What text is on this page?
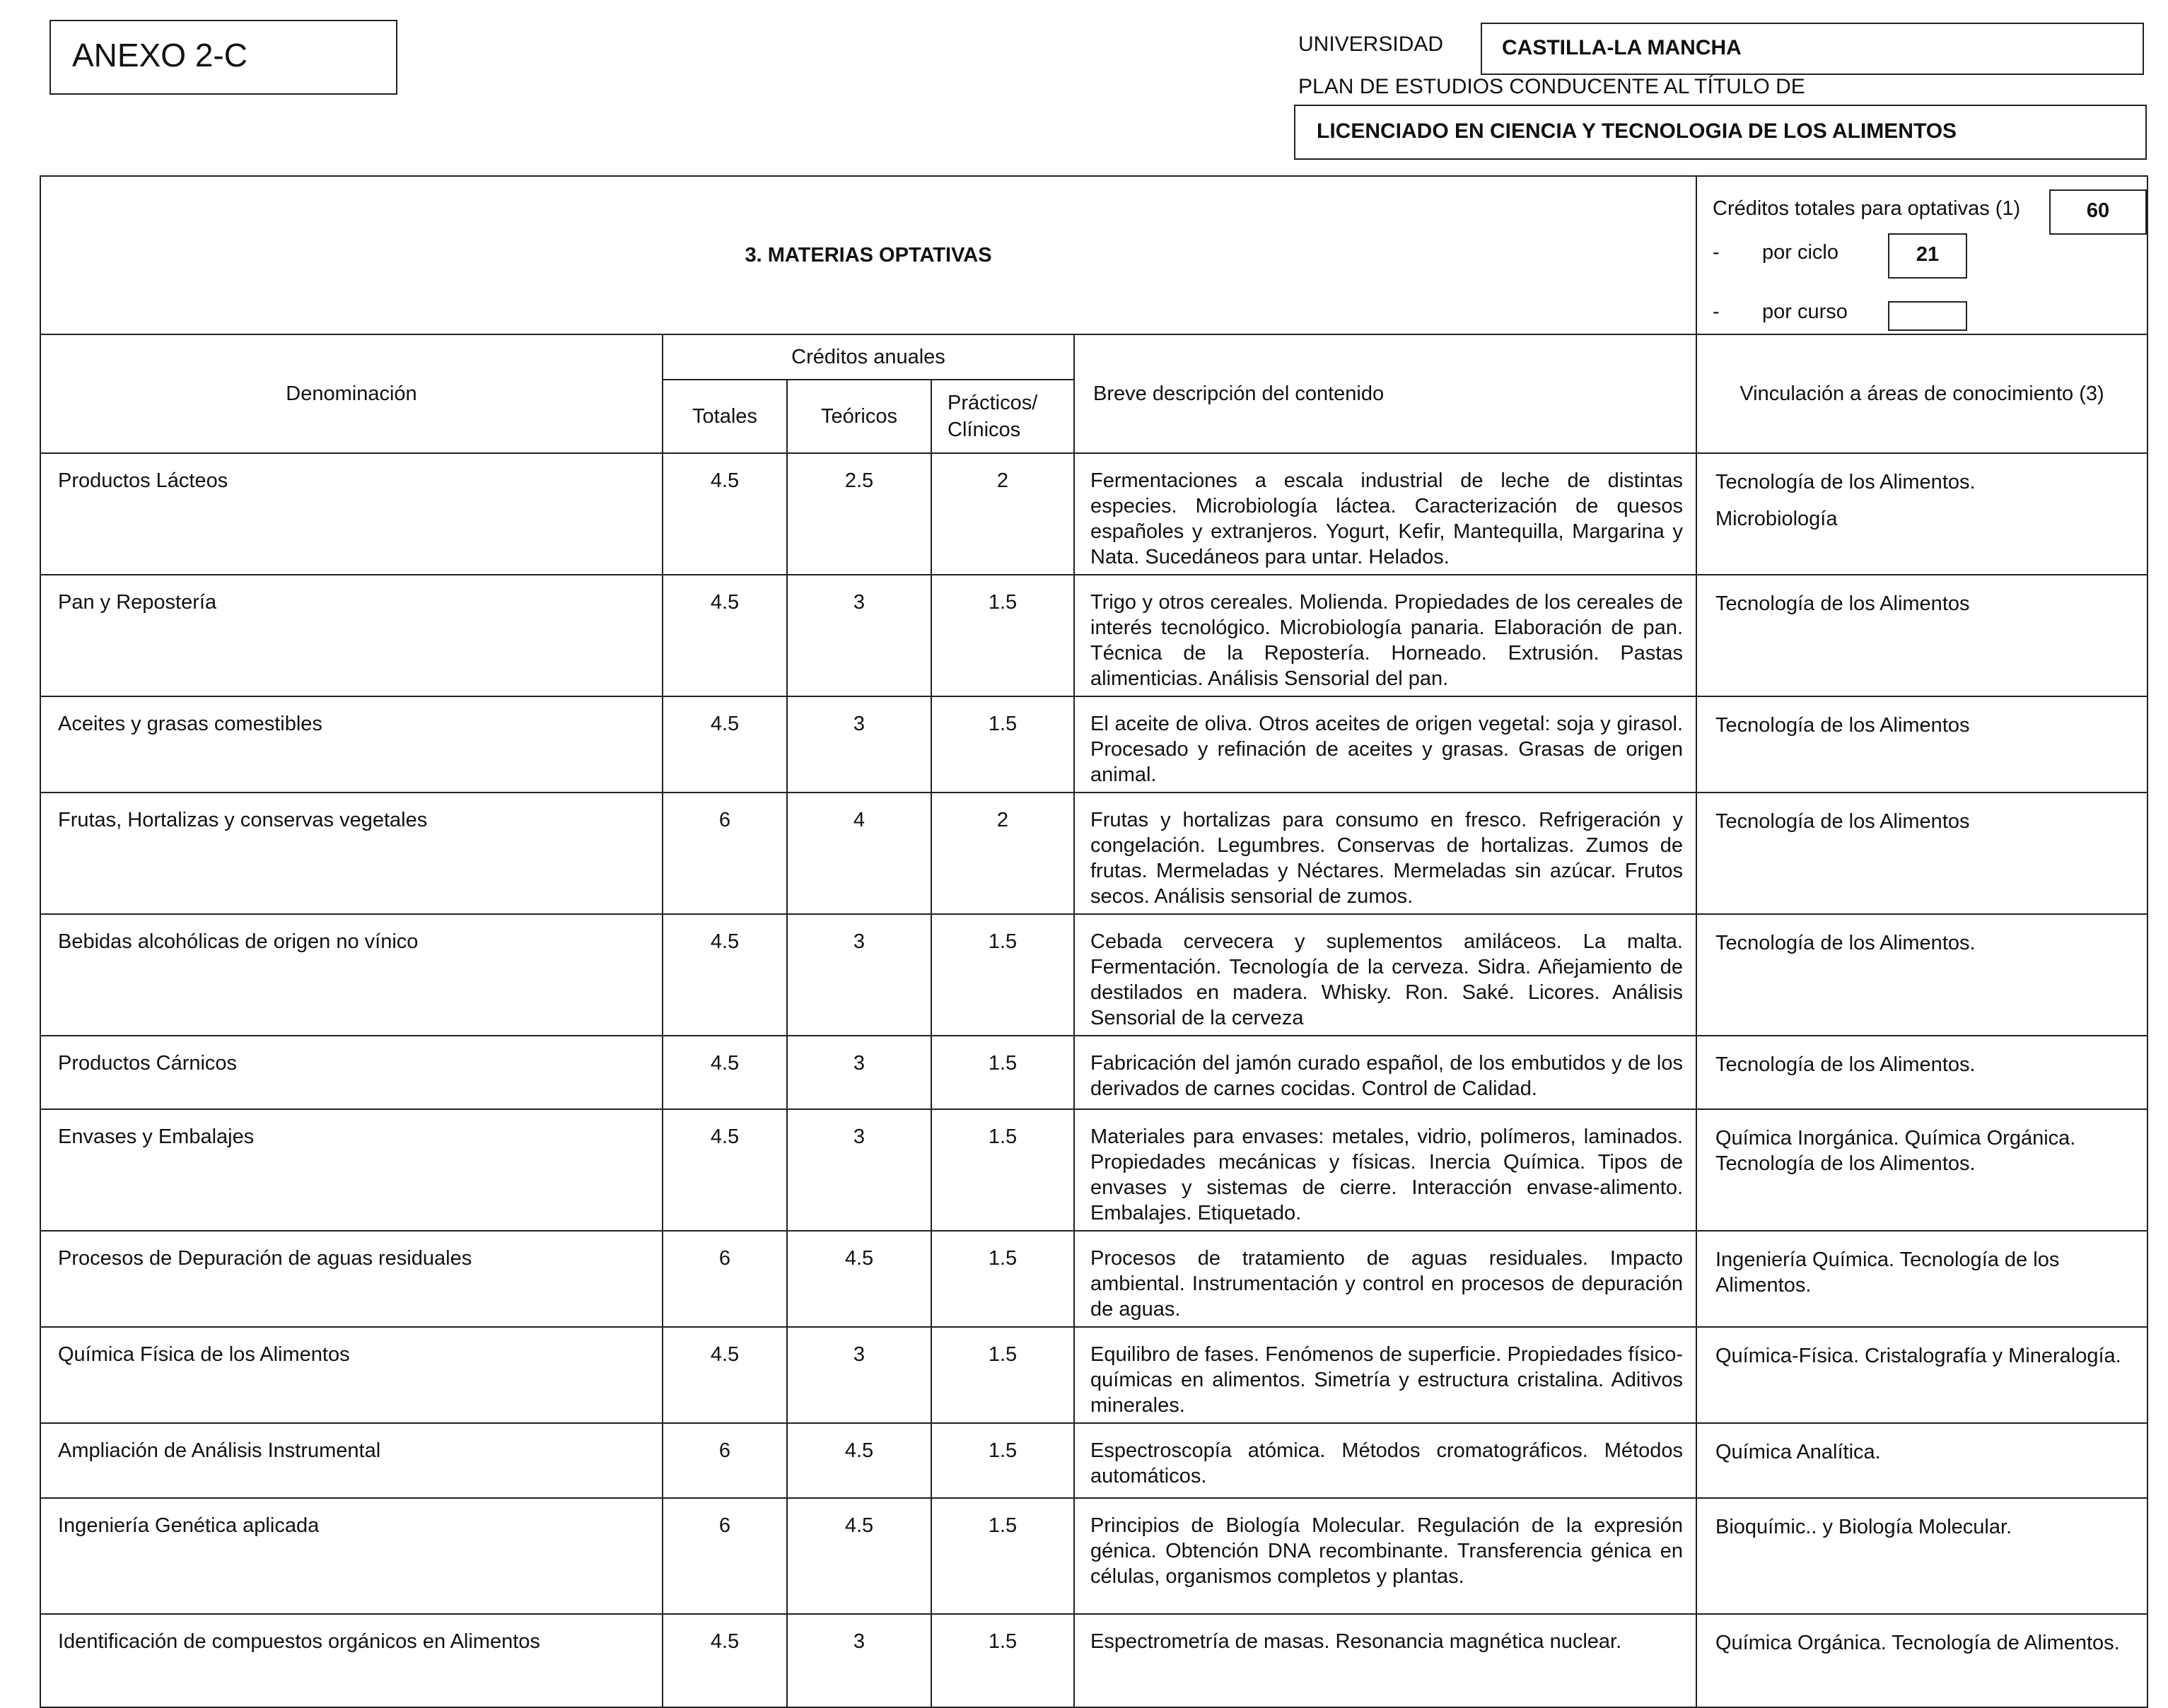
ANEXO 2-C	UNIVERSIDAD	CASTILLA-LA MANCHA
PLAN DE ESTUDIOS CONDUCENTE AL TÍTULO DE
LICENCIADO EN CIENCIA Y TECNOLOGIA DE LOS ALIMENTOS
3. MATERIAS OPTATIVAS					Créditos totales para optativas (1) 60
- por ciclo 21
- por curso

Denominación	Créditos anuales			Breve descripción del contenido	Vinculación a áreas de conocimiento (3)
	Totales	Teóricos	Prácticos/ Clínicos		
Productos Lácteos	4.5	2.5	2	Fermentaciones a escala industrial de leche de distintas especies. Microbiología láctea. Caracterización de quesos españoles y extranjeros. Yogurt, Kefir, Mantequilla, Margarina y Nata. Sucedáneos para untar. Helados.	Tecnología de los Alimentos.
Microbiología

Pan y Repostería	4.5	3	1.5	Trigo y otros cereales. Molienda. Propiedades de los cereales de interés tecnológico. Microbiología panaria. Elaboración de pan. Técnica de la Repostería. Horneado. Extrusión. Pastas alimenticias. Análisis Sensorial del pan.	Tecnología de los Alimentos

Aceites y grasas comestibles	4.5	3	1.5	El aceite de oliva. Otros aceites de origen vegetal: soja y girasol. Procesado y refinación de aceites y grasas. Grasas de origen animal.	Tecnología de los Alimentos

Frutas, Hortalizas y conservas vegetales	6	4	2	Frutas y hortalizas para consumo en fresco. Refrigeración y congelación. Legumbres. Conservas de hortalizas. Zumos de frutas. Mermeladas y Néctares. Mermeladas sin azúcar. Frutos secos. Análisis sensorial de zumos.	Tecnología de los Alimentos

Bebidas alcohólicas de origen no vínico	4.5	3	1.5	Cebada cervecera y suplementos amiláceos. La malta. Fermentación. Tecnología de la cerveza. Sidra. Añejamiento de destilados en madera. Whisky. Ron. Saké. Licores. Análisis Sensorial de la cerveza	Tecnología de los Alimentos.

Productos Cárnicos	4.5	3	1.5	Fabricación del jamón curado español, de los embutidos y de los derivados de carnes cocidas. Control de Calidad.	Tecnología de los Alimentos.

Envases y Embalajes	4.5	3	1.5	Materiales para envases: metales, vidrio, polímeros, laminados. Propiedades mecánicas y físicas. Inercia Química. Tipos de envases y sistemas de cierre. Interacción envase-alimento. Embalajes. Etiquetado.	Química Inorgánica. Química Orgánica. Tecnología de los Alimentos.

Procesos de Depuración de aguas residuales	6	4.5	1.5	Procesos de tratamiento de aguas residuales. Impacto ambiental. Instrumentación y control en procesos de depuración de aguas.	Ingeniería Química. Tecnología de los Alimentos.

Química Física de los Alimentos	4.5	3	1.5	Equilibro de fases. Fenómenos de superficie. Propiedades físico-químicas en alimentos. Simetría y estructura cristalina. Aditivos minerales.	Química-Física. Cristalografía y Mineralogía.

Ampliación de Análisis Instrumental	6	4.5	1.5	Espectroscopía atómica. Métodos cromatográficos. Métodos automáticos.	Química Analítica.

Ingeniería Genética aplicada	6	4.5	1.5	Principios de Biología Molecular. Regulación de la expresión génica. Obtención DNA recombinante. Transferencia génica en células, organismos completos y plantas.	Bioquímic.. y Biología Molecular.

Identificación de compuestos orgánicos en Alimentos	4.5	3	1.5	Espectrometría de masas. Resonancia magnética nuclear.	Química Orgánica. Tecnología de Alimentos.
